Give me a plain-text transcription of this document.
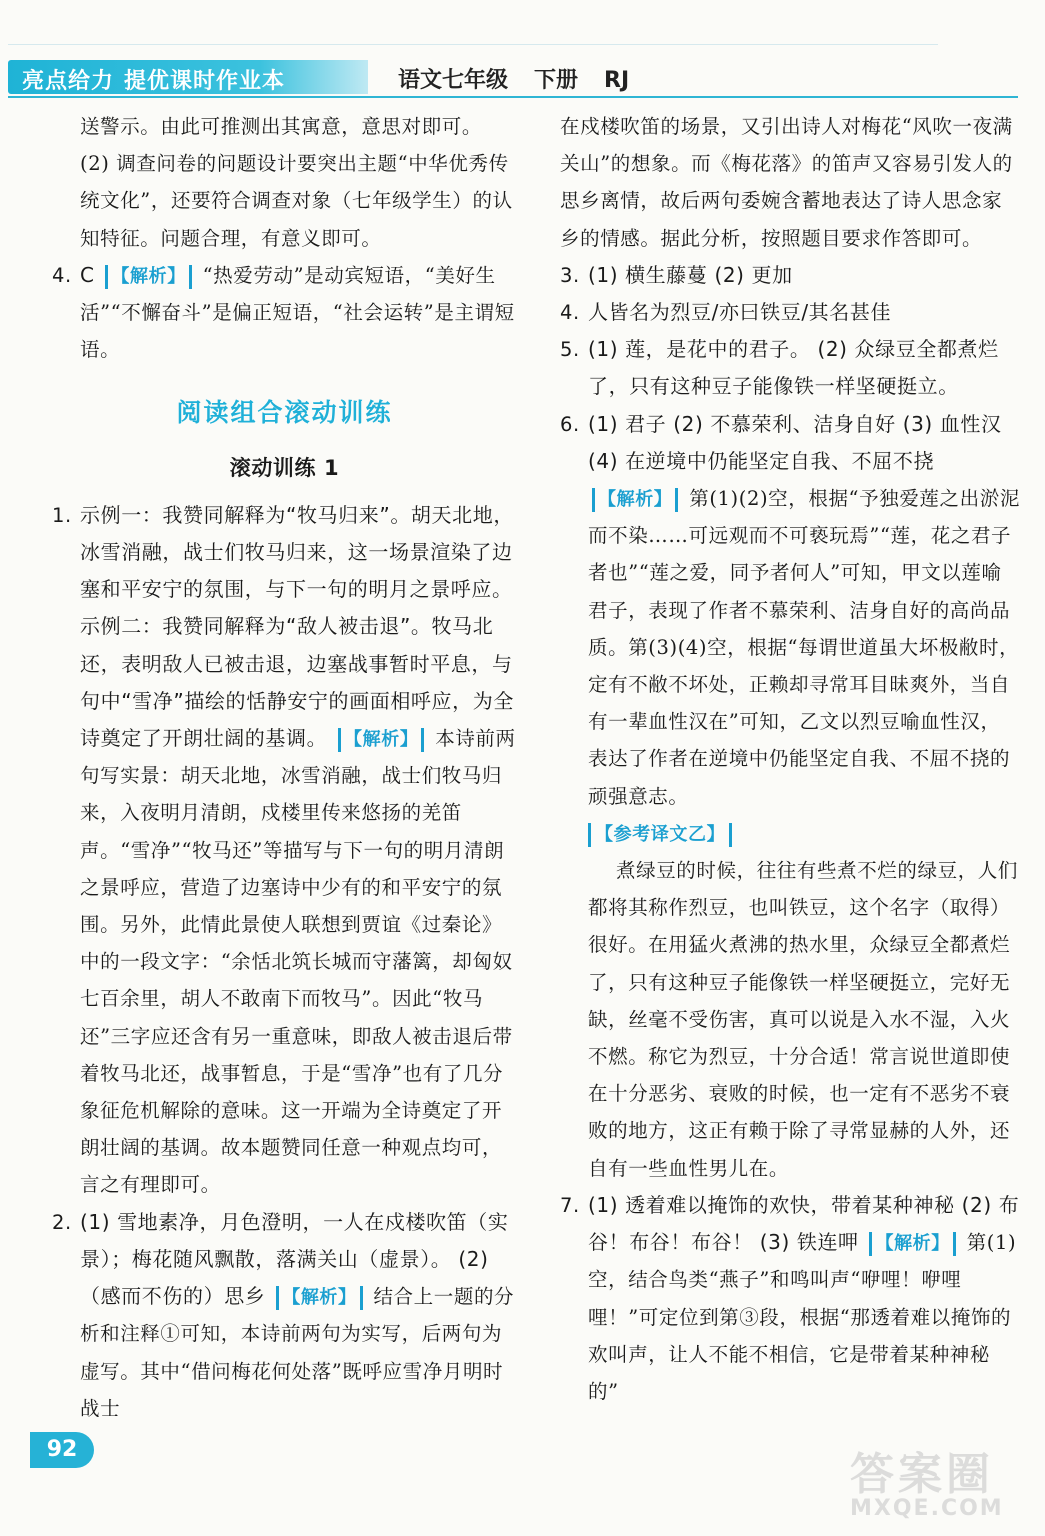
亮点给力 提优课时作业本	语文七年级 下册 RJ

送警示。由此可推测出其寓意，意思对即可。

(2) 调查问卷的问题设计要突出主题“中华优秀传统文化”，还要符合调查对象（七年级学生）的认知特征。问题合理，有意义即可。

4. C 【解析】 “热爱劳动”是动宾短语，“美好生活”“不懈奋斗”是偏正短语，“社会运转”是主谓短语。
阅读组合滚动训练
滚动训练 1
1. 示例一：我赞同解释为“牧马归来”。胡天北地，冰雪消融，战士们牧马归来，这一场景渲染了边塞和平安宁的氛围，与下一句的明月之景呼应。
示例二：我赞同解释为“敌人被击退”。牧马北还，表明敌人已被击退，边塞战事暂时平息，与句中“雪净”描绘的恬静安宁的画面相呼应，为全诗奠定了开朗壮阔的基调。 【解析】 本诗前两句写实景：胡天北地，冰雪消融，战士们牧马归来，入夜明月清朗，戍楼里传来悠扬的羌笛声。“雪净”“牧马还”等描写与下一句的明月清朗之景呼应，营造了边塞诗中少有的和平安宁的氛围。另外，此情此景使人联想到贾谊《过秦论》中的一段文字：“余恬北筑长城而守藩篱，却匈奴七百余里，胡人不敢南下而牧马”。因此“牧马还”三字应还含有另一重意味，即敌人被击退后带着牧马北还，战事暂息，于是“雪净”也有了几分象征危机解除的意味。这一开端为全诗奠定了开朗壮阔的基调。故本题赞同任意一种观点均可，言之有理即可。
2. (1) 雪地素净，月色澄明，一人在戍楼吹笛（实景）；梅花随风飘散，落满关山（虚景）。 (2)（感而不伤的）思乡 【解析】 结合上一题的分析和注释①可知，本诗前两句为实写，后两句为虚写。其中“借问梅花何处落”既呼应雪净月明时战士

在戍楼吹笛的场景，又引出诗人对梅花“风吹一夜满关山”的想象。而《梅花落》的笛声又容易引发人的思乡离情，故后两句委婉含蓄地表达了诗人思念家乡的情感。据此分析，按照题目要求作答即可。

3. (1) 横生藤蔓 (2) 更加
4. 人皆名为烈豆/亦曰铁豆/其名甚佳
5. (1) 莲，是花中的君子。 (2) 众绿豆全都煮烂了，只有这种豆子能像铁一样坚硬挺立。
6. (1) 君子 (2) 不慕荣利、洁身自好 (3) 血性汉 (4) 在逆境中仍能坚定自我、不屈不挠
【解析】 第(1)(2)空，根据“予独爱莲之出淤泥而不染……可远观而不可亵玩焉”“莲，花之君子者也”“莲之爱，同予者何人”可知，甲文以莲喻君子，表现了作者不慕荣利、洁身自好的高尚品质。第(3)(4)空，根据“每谓世道虽大坏极敝时，定有不敝不坏处，正赖却寻常耳目昧爽外，当自有一辈血性汉在”可知，乙文以烈豆喻血性汉，表达了作者在逆境中仍能坚定自我、不屈不挠的顽强意志。
【参考译文乙】
煮绿豆的时候，往往有些煮不烂的绿豆，人们都将其称作烈豆，也叫铁豆，这个名字（取得）很好。在用猛火煮沸的热水里，众绿豆全都煮烂了，只有这种豆子能像铁一样坚硬挺立，完好无缺，丝毫不受伤害，真可以说是入水不湿，入火不燃。称它为烈豆，十分合适！常言说世道即使在十分恶劣、衰败的时候，也一定有不恶劣不衰败的地方，这正有赖于除了寻常显赫的人外，还自有一些血性男儿在。
7. (1) 透着难以掩饰的欢快，带着某种神秘 (2) 布谷！布谷！布谷！ (3) 铁连呷 【解析】 第(1)空，结合鸟类“燕子”和鸣叫声“咿哩！咿哩哩！”可定位到第③段，根据“那透着难以掩饰的欢叫声，让人不能不相信，它是带着某种神秘的”
92	答案圈
MXQE.COM
